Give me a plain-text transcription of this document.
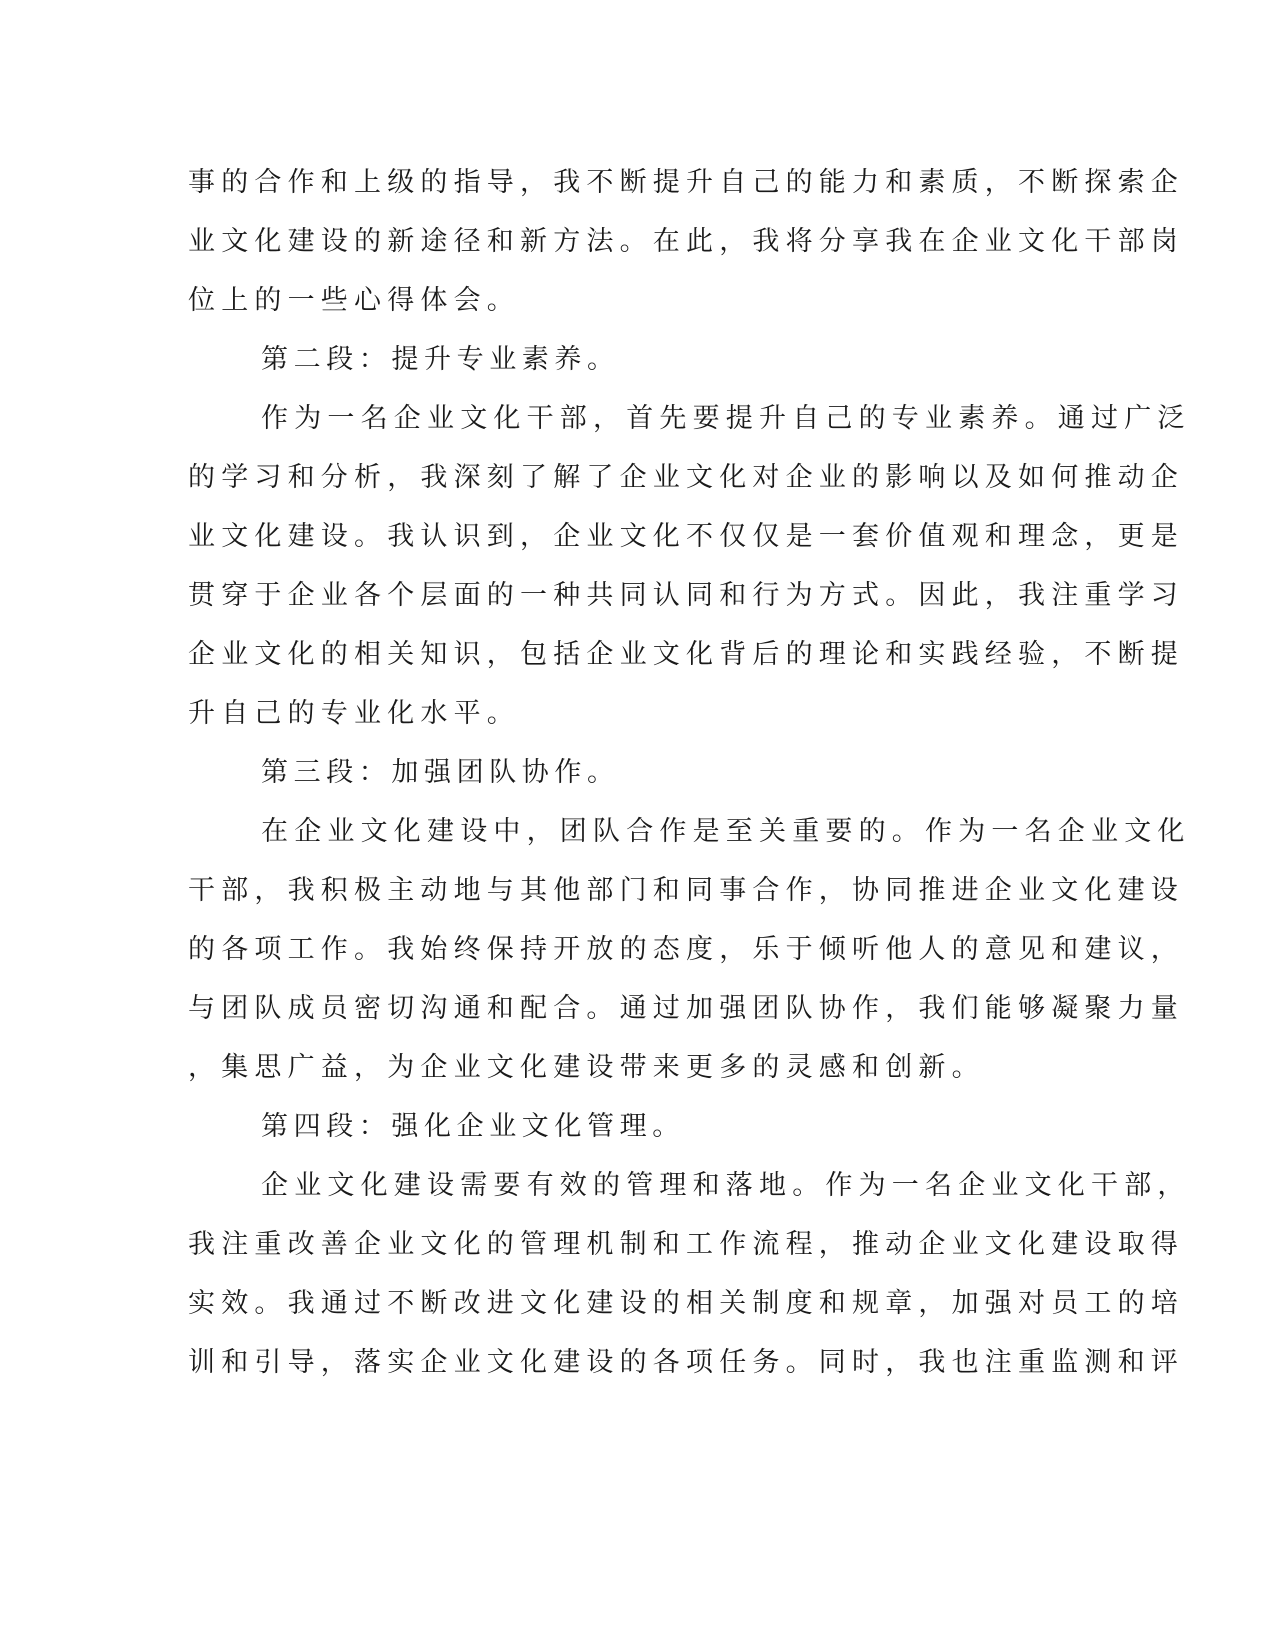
事的合作和上级的指导，我不断提升自己的能力和素质，不断探索企
业文化建设的新途径和新方法。在此，我将分享我在企业文化干部岗
位上的一些心得体会。
第二段：提升专业素养。
作为一名企业文化干部，首先要提升自己的专业素养。通过广泛
的学习和分析，我深刻了解了企业文化对企业的影响以及如何推动企
业文化建设。我认识到，企业文化不仅仅是一套价值观和理念，更是
贯穿于企业各个层面的一种共同认同和行为方式。因此，我注重学习
企业文化的相关知识，包括企业文化背后的理论和实践经验，不断提
升自己的专业化水平。
第三段：加强团队协作。
在企业文化建设中，团队合作是至关重要的。作为一名企业文化
干部，我积极主动地与其他部门和同事合作，协同推进企业文化建设
的各项工作。我始终保持开放的态度，乐于倾听他人的意见和建议，
与团队成员密切沟通和配合。通过加强团队协作，我们能够凝聚力量
，集思广益，为企业文化建设带来更多的灵感和创新。
第四段：强化企业文化管理。
企业文化建设需要有效的管理和落地。作为一名企业文化干部，
我注重改善企业文化的管理机制和工作流程，推动企业文化建设取得
实效。我通过不断改进文化建设的相关制度和规章，加强对员工的培
训和引导，落实企业文化建设的各项任务。同时，我也注重监测和评
